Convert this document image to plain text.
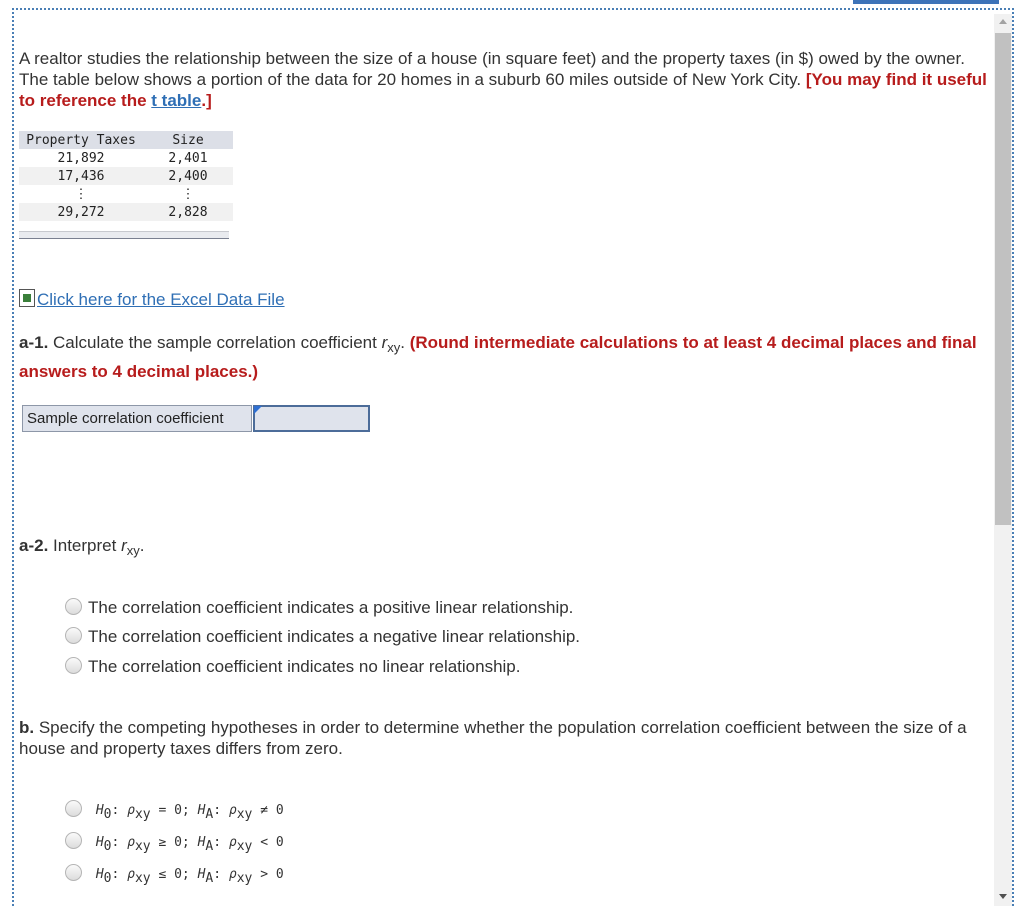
A realtor studies the relationship between the size of a house (in square feet) and the property taxes (in $) owed by the owner. The table below shows a portion of the data for 20 homes in a suburb 60 miles outside of New York City. [You may find it useful to reference the t table.]
Property Taxes	Size
21,892	2,401
17,436	2,400
⋮	⋮
29,272	2,828
Click here for the Excel Data File
a-1. Calculate the sample correlation coefficient $r_{xy}$. (Round intermediate calculations to at least 4 decimal places and final answers to 4 decimal places.)
Sample correlation coefficient
a-2. Interpret $r_{xy}$.
The correlation coefficient indicates a positive linear relationship.
The correlation coefficient indicates a negative linear relationship.
The correlation coefficient indicates no linear relationship.
b. Specify the competing hypotheses in order to determine whether the population correlation coefficient between the size of a house and property taxes differs from zero.
$H_0$: $\rho_{xy} = 0$; $H_A$: $\rho_{xy} \ne 0$
$H_0$: $\rho_{xy} \ge 0$; $H_A$: $\rho_{xy} < 0$
$H_0$: $\rho_{xy} \le 0$; $H_A$: $\rho_{xy} > 0$
